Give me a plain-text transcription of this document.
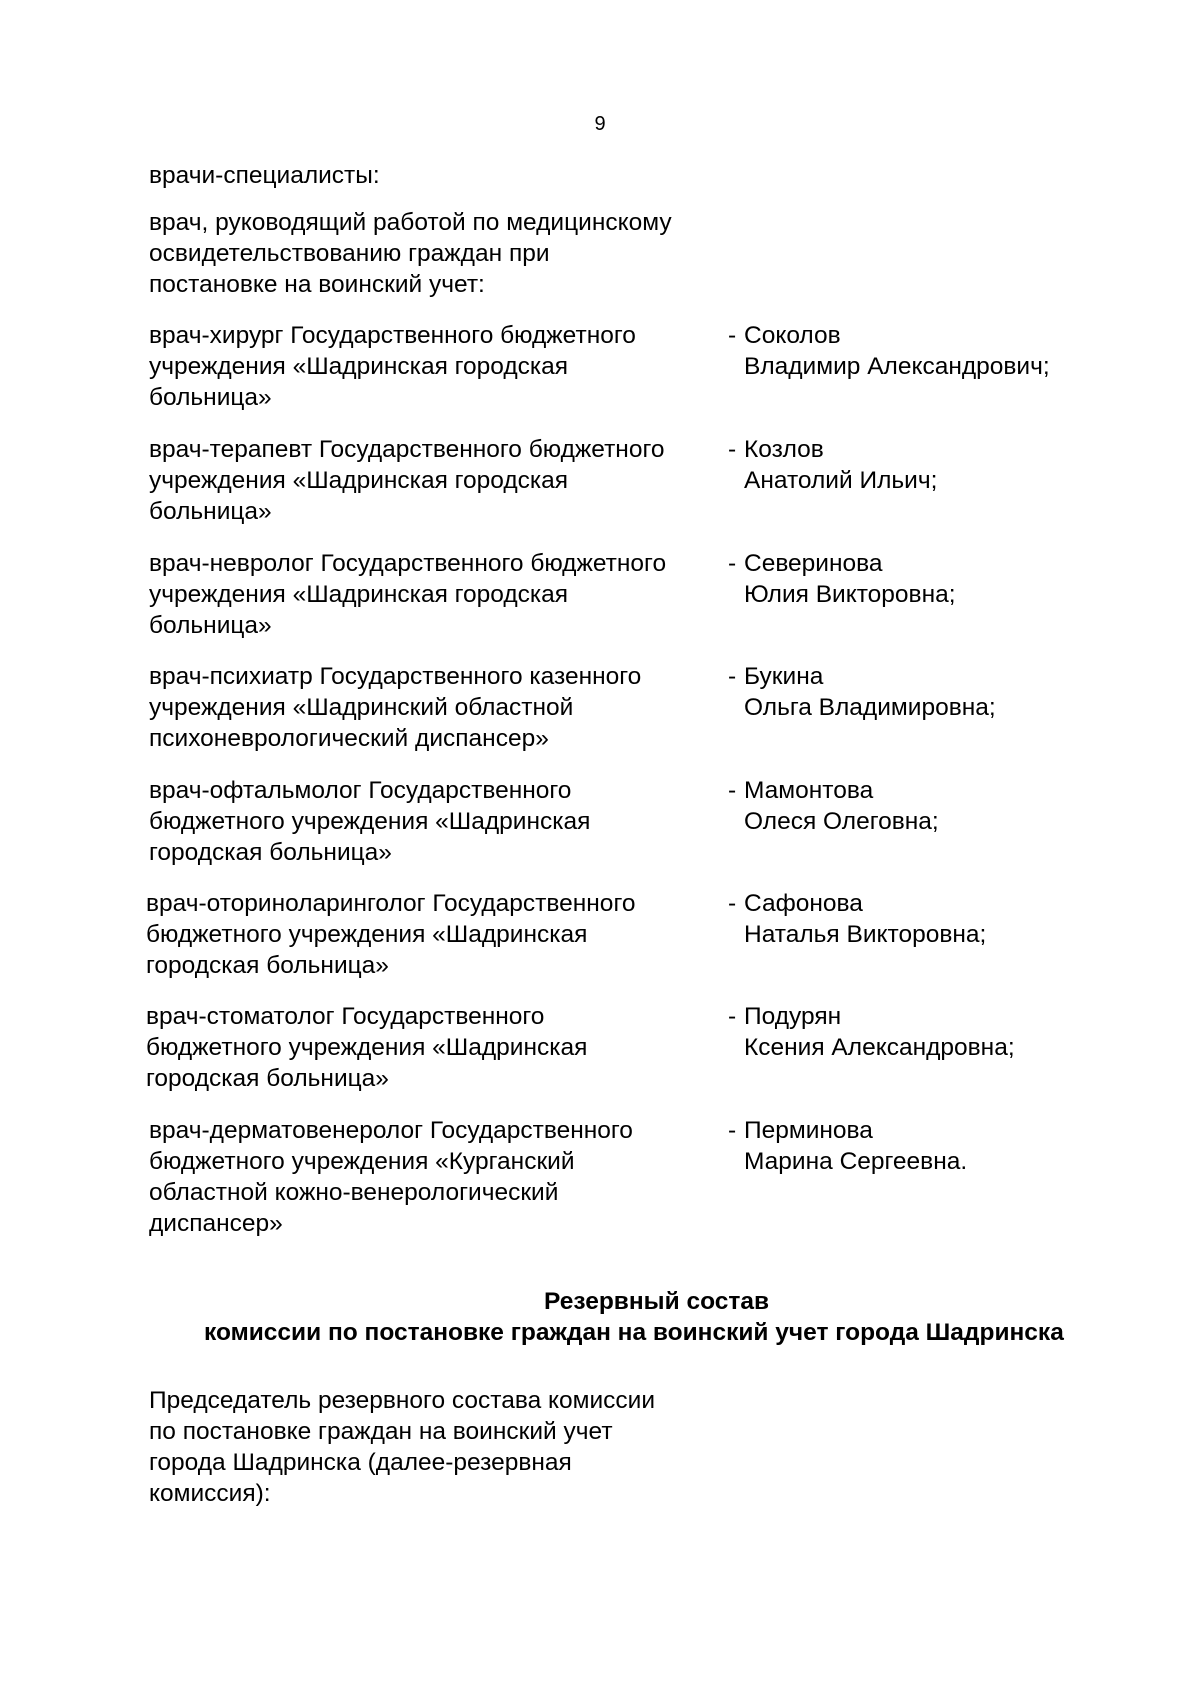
9
врачи-специалисты:
врач, руководящий работой по медицинскому
освидетельствованию граждан при
постановке на воинский учет:
врач-хирург Государственного бюджетного
учреждения «Шадринская городская
больница»
- Соколов
Владимир Александрович;
врач-терапевт Государственного бюджетного
учреждения «Шадринская городская
больница»
- Козлов
Анатолий Ильич;
врач-невролог Государственного бюджетного
учреждения «Шадринская городская
больница»
- Северинова
Юлия Викторовна;
врач-психиатр Государственного казенного
учреждения «Шадринский областной
психоневрологический диспансер»
- Букина
Ольга Владимировна;
врач-офтальмолог Государственного
бюджетного учреждения «Шадринская
городская больница»
- Мамонтова
Олеся Олеговна;
врач-оториноларинголог Государственного
бюджетного учреждения «Шадринская
городская больница»
- Сафонова
Наталья Викторовна;
врач-стоматолог Государственного
бюджетного учреждения «Шадринская
городская больница»
- Подурян
Ксения Александровна;
врач-дерматовенеролог Государственного
бюджетного учреждения «Курганский
областной кожно-венерологический
диспансер»
- Перминова
Марина Сергеевна.
Резервный состав
комиссии по постановке граждан на воинский учет города Шадринска
Председатель резервного состава комиссии
по постановке граждан на воинский учет
города Шадринска (далее-резервная
комиссия):
